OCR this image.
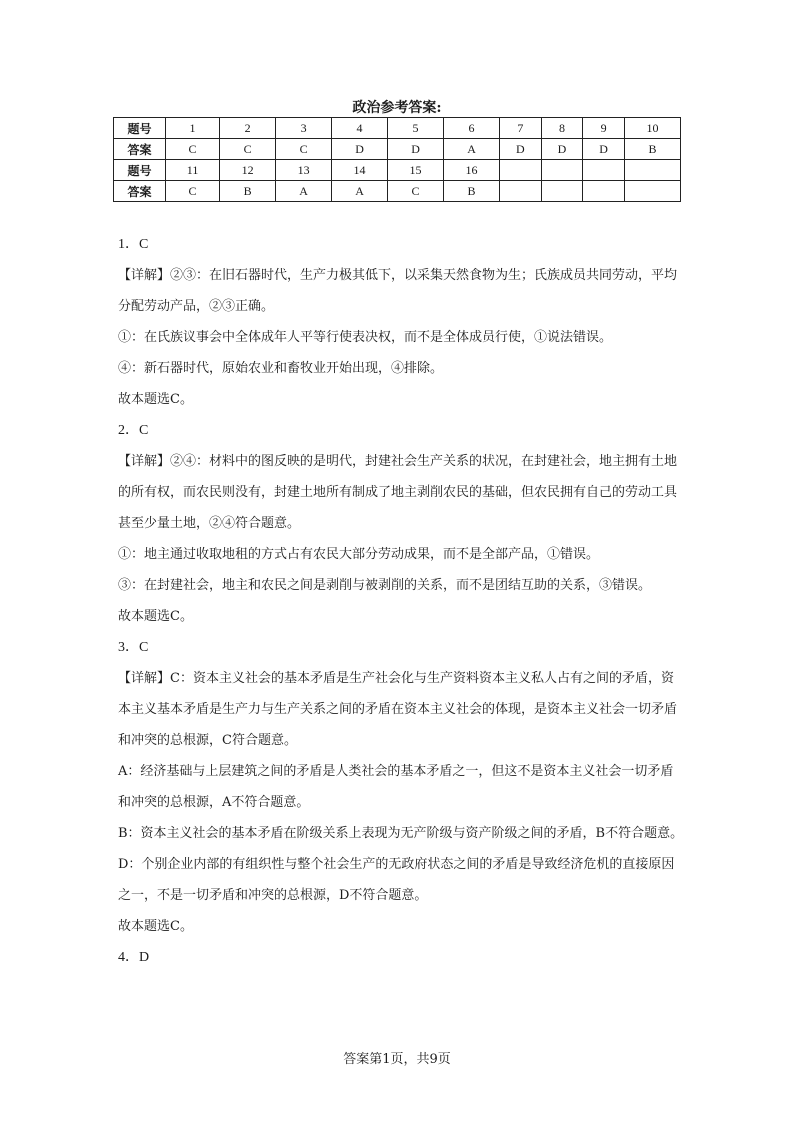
政治参考答案:
题号	1	2	3	4	5	6	7	8	9	10
答案	C	C	C	D	D	A	D	D	D	B
题号	11	12	13	14	15	16				
答案	C	B	A	A	C	B				

1．C

【详解】②③：在旧石器时代，生产力极其低下，以采集天然食物为生；氏族成员共同劳动，平均分配劳动产品，②③正确。

①：在氏族议事会中全体成年人平等行使表决权，而不是全体成员行使，①说法错误。

④：新石器时代，原始农业和畜牧业开始出现，④排除。

故本题选C。

2．C

【详解】②④：材料中的图反映的是明代，封建社会生产关系的状况，在封建社会，地主拥有土地的所有权，而农民则没有，封建土地所有制成了地主剥削农民的基础，但农民拥有自己的劳动工具甚至少量土地，②④符合题意。

①：地主通过收取地租的方式占有农民大部分劳动成果，而不是全部产品，①错误。

③：在封建社会，地主和农民之间是剥削与被剥削的关系，而不是团结互助的关系，③错误。

故本题选C。

3．C

【详解】C：资本主义社会的基本矛盾是生产社会化与生产资料资本主义私人占有之间的矛盾，资本主义基本矛盾是生产力与生产关系之间的矛盾在资本主义社会的体现，是资本主义社会一切矛盾和冲突的总根源，C符合题意。

A：经济基础与上层建筑之间的矛盾是人类社会的基本矛盾之一，但这不是资本主义社会一切矛盾和冲突的总根源，A不符合题意。

B：资本主义社会的基本矛盾在阶级关系上表现为无产阶级与资产阶级之间的矛盾，B不符合题意。

D：个别企业内部的有组织性与整个社会生产的无政府状态之间的矛盾是导致经济危机的直接原因之一，不是一切矛盾和冲突的总根源，D不符合题意。

故本题选C。

4．D

答案第1页，共9页
